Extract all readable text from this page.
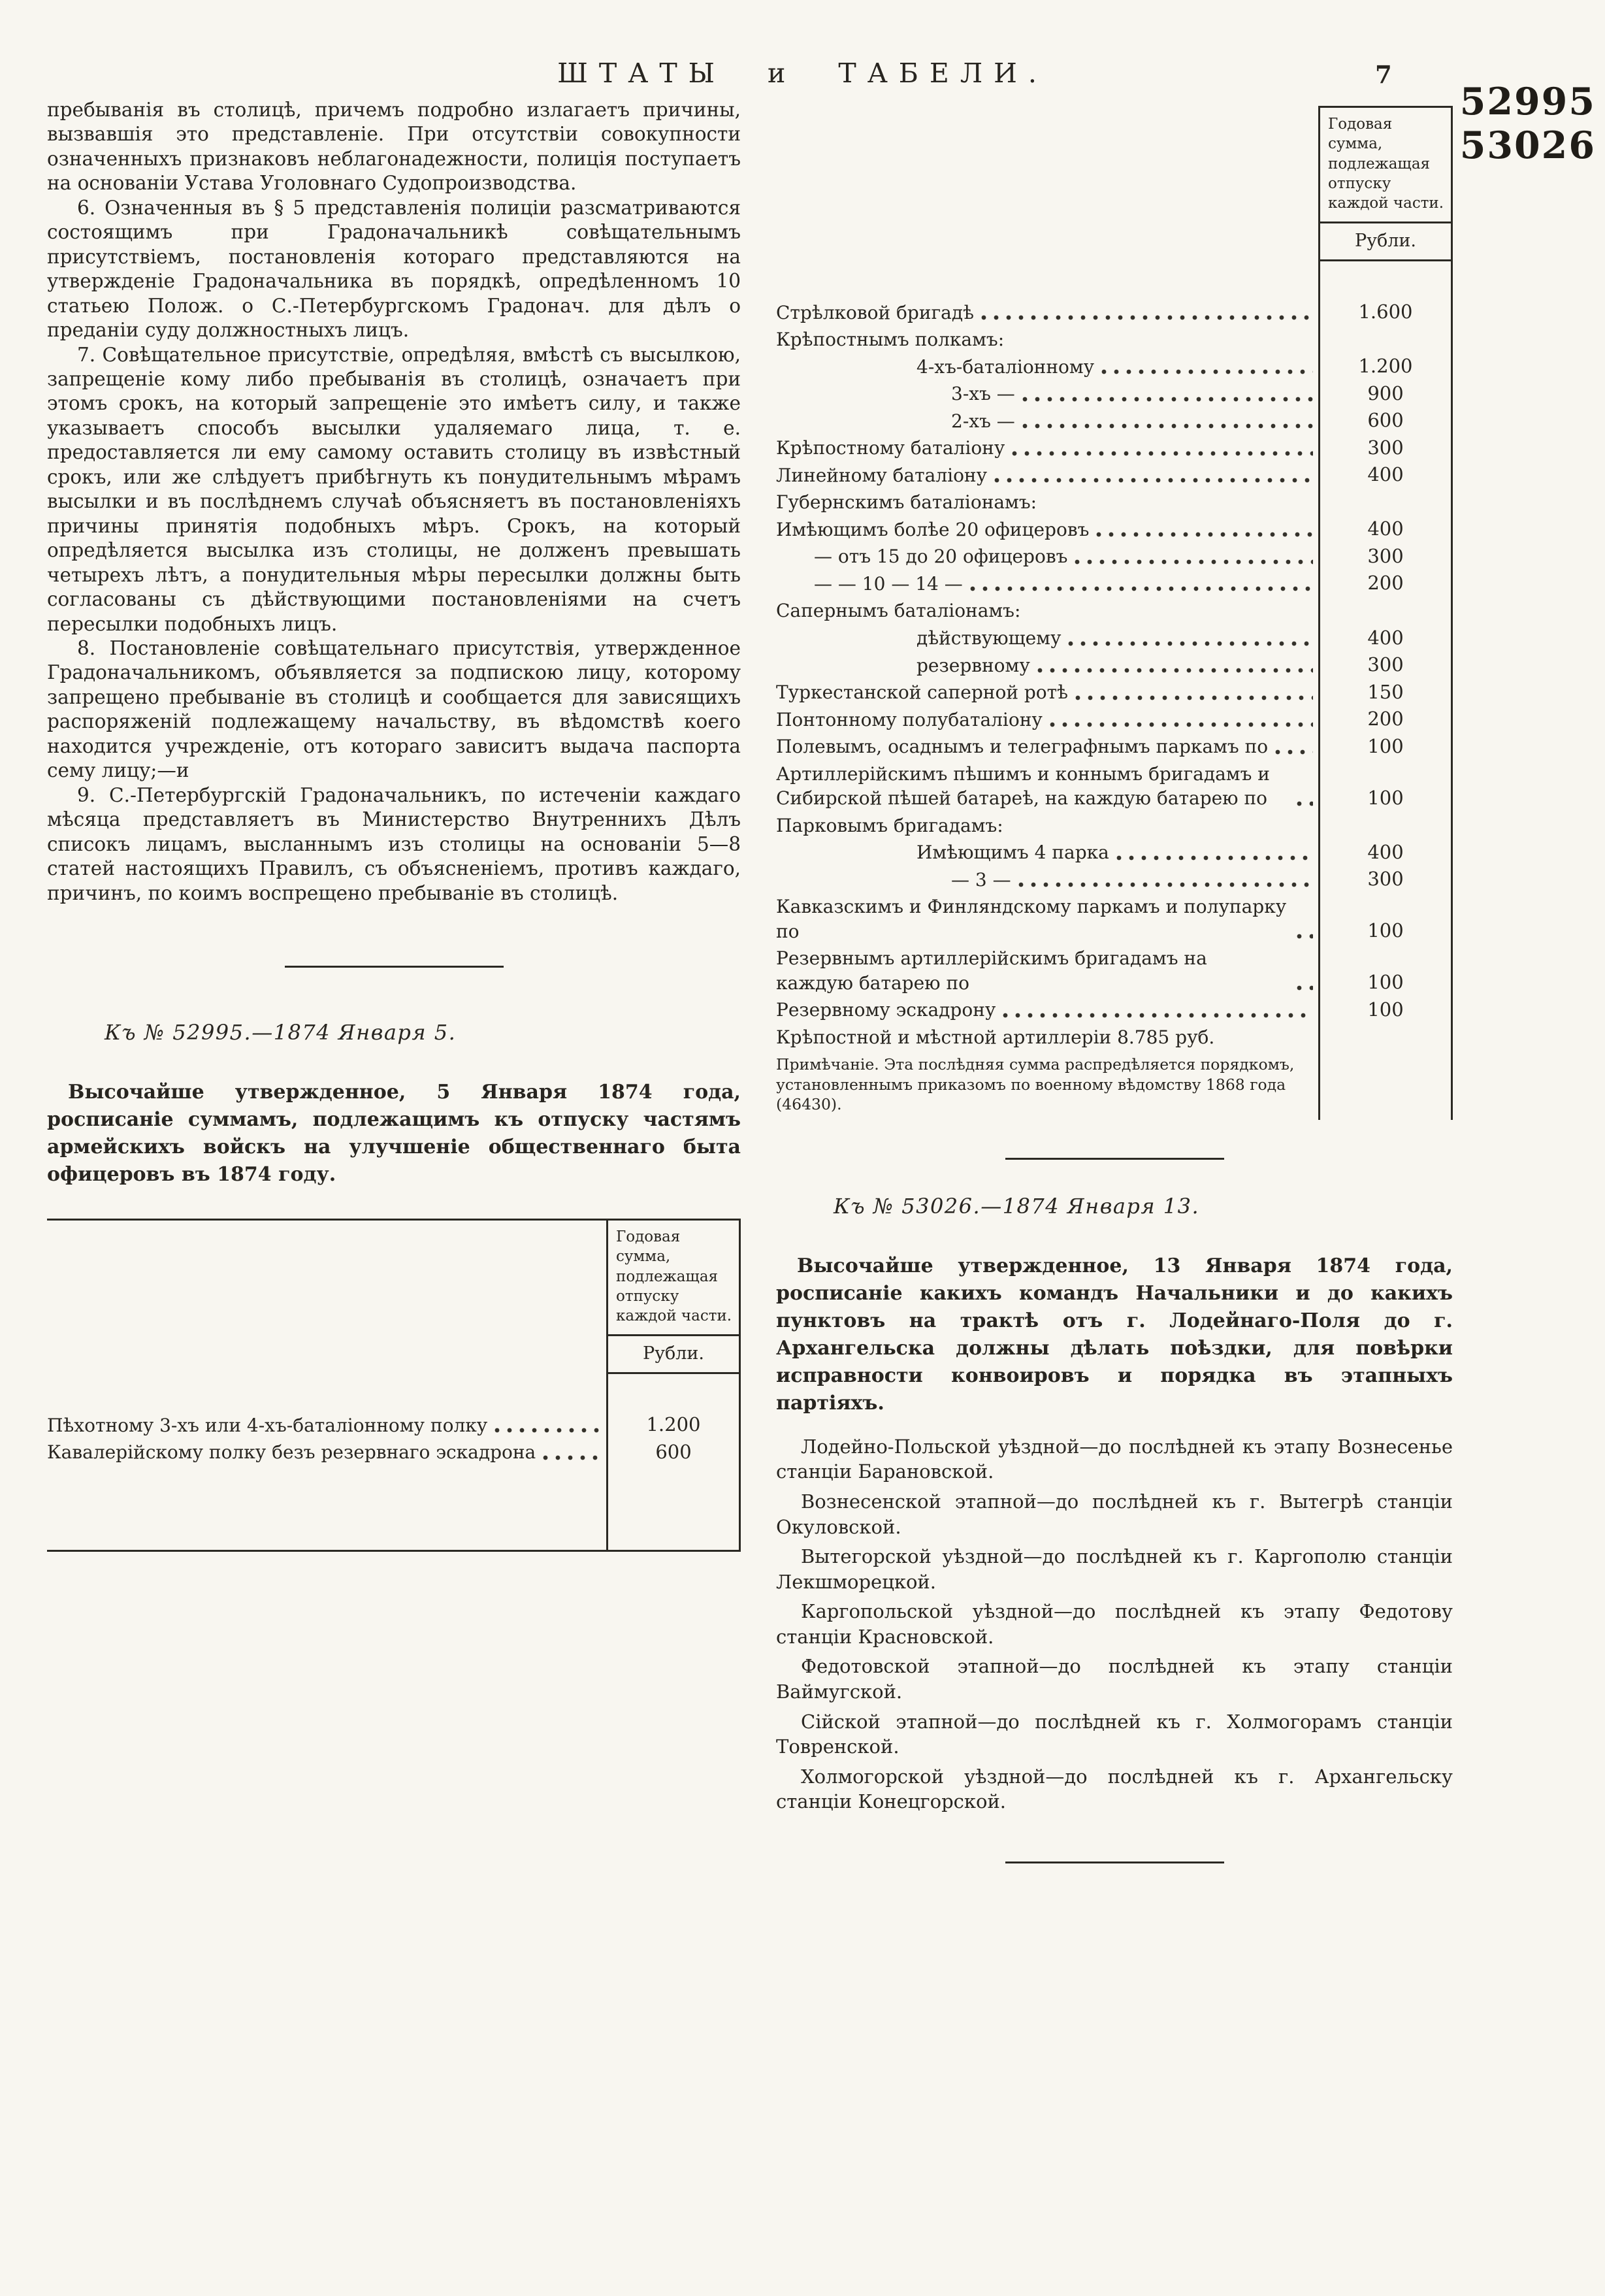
ШТАТЫ и ТАБЕЛИ.	7
52995
53026

пребыванія въ столицѣ, причемъ подробно излагаетъ причины, вызвавшія это представленіе. При отсутствіи совокупности означенныхъ признаковъ неблагонадежности, полиція поступаетъ на основаніи Устава Уголовнаго Судопроизводства.

6. Означенныя въ § 5 представленія полиціи разсматриваются состоящимъ при Градоначальникѣ совѣщательнымъ присутствіемъ, постановленія котораго представляются на утвержденіе Градоначальника въ порядкѣ, опредѣленномъ 10 статьею Полож. о С.-Петербургскомъ Градонач. для дѣлъ о преданіи суду должностныхъ лицъ.

7. Совѣщательное присутствіе, опредѣляя, вмѣстѣ съ высылкою, запрещеніе кому либо пребыванія въ столицѣ, означаетъ при этомъ срокъ, на который запрещеніе это имѣетъ силу, и также указываетъ способъ высылки удаляемаго лица, т. е. предоставляется ли ему самому оставить столицу въ извѣстный срокъ, или же слѣдуетъ прибѣгнуть къ понудительнымъ мѣрамъ высылки и въ послѣднемъ случаѣ объясняетъ въ постановленіяхъ причины принятія подобныхъ мѣръ. Срокъ, на который опредѣляется высылка изъ столицы, не долженъ превышать четырехъ лѣтъ, а понудительныя мѣры пересылки должны быть согласованы съ дѣйствующими постановленіями на счетъ пересылки подобныхъ лицъ.

8. Постановленіе совѣщательнаго присутствія, утвержденное Градоначальникомъ, объявляется за подпискою лицу, которому запрещено пребываніе въ столицѣ и сообщается для зависящихъ распоряженій подлежащему начальству, въ вѣдомствѣ коего находится учрежденіе, отъ котораго зависитъ выдача паспорта сему лицу;—и

9. С.-Петербургскій Градоначальникъ, по истеченіи каждаго мѣсяца представляетъ въ Министерство Внутреннихъ Дѣлъ списокъ лицамъ, высланнымъ изъ столицы на основаніи 5—8 статей настоящихъ Правилъ, съ объясненіемъ, противъ каждаго, причинъ, по коимъ воспрещено пребываніе въ столицѣ.

Къ № 52995.—1874 Января 5.

Высочайше утвержденное, 5 Января 1874 года, росписаніе суммамъ, подлежащимъ къ отпуску частямъ армейскихъ войскъ на улучшеніе общественнаго быта офицеровъ въ 1874 году.

Годовая сумма, подлежащая отпуску каждой части.
Рубли.
Пѣхотному 3-хъ или 4-хъ-баталіонному полку	1.200
Кавалерійскому полку безъ резервнаго эскадрона	600
Годовая сумма, подлежащая отпуску каждой части.
Рубли.
Стрѣлковой бригадѣ	1.600
Крѣпостнымъ полкамъ:
4-хъ-баталіонному	1.200
3-хъ —	900
2-хъ —	600
Крѣпостному баталіону	300
Линейному баталіону	400
Губернскимъ баталіонамъ:
Имѣющимъ болѣе 20 офицеровъ	400
— отъ 15 до 20 офицеровъ	300
— — 10 — 14 —	200
Сапернымъ баталіонамъ:
дѣйствующему	400
резервному	300
Туркестанской саперной ротѣ	150
Понтонному полубаталіону	200
Полевымъ, осаднымъ и телеграфнымъ паркамъ по	100
Артиллерійскимъ пѣшимъ и коннымъ бригадамъ и Сибирской пѣшей батареѣ, на каждую батарею по	100
Парковымъ бригадамъ:
Имѣющимъ 4 парка	400
— 3 —	300
Кавказскимъ и Финляндскому паркамъ и полупарку по	100
Резервнымъ артиллерійскимъ бригадамъ на каждую батарею по	100
Резервному эскадрону	100
Крѣпостной и мѣстной артиллеріи 8.785 руб.
Примѣчаніе. Эта послѣдняя сумма распредѣляется порядкомъ, установленнымъ приказомъ по военному вѣдомству 1868 года (46430).
Къ № 53026.—1874 Января 13.

Высочайше утвержденное, 13 Января 1874 года, росписаніе какихъ командъ Начальники и до какихъ пунктовъ на трактѣ отъ г. Лодейнаго-Поля до г. Архангельска должны дѣлать поѣздки, для повѣрки исправности конвоировъ и порядка въ этапныхъ партіяхъ.

Лодейно-Польской уѣздной—до послѣдней къ этапу Вознесенье станціи Барановской.

Вознесенской этапной—до послѣдней къ г. Вытегрѣ станціи Окуловской.

Вытегорской уѣздной—до послѣдней къ г. Каргополю станціи Лекшморецкой.

Каргопольской уѣздной—до послѣдней къ этапу Федотову станціи Красновской.

Федотовской этапной—до послѣдней къ этапу станціи Ваймугской.

Сійской этапной—до послѣдней къ г. Холмогорамъ станціи Товренской.

Холмогорской уѣздной—до послѣдней къ г. Архангельску станціи Конецгорской.
